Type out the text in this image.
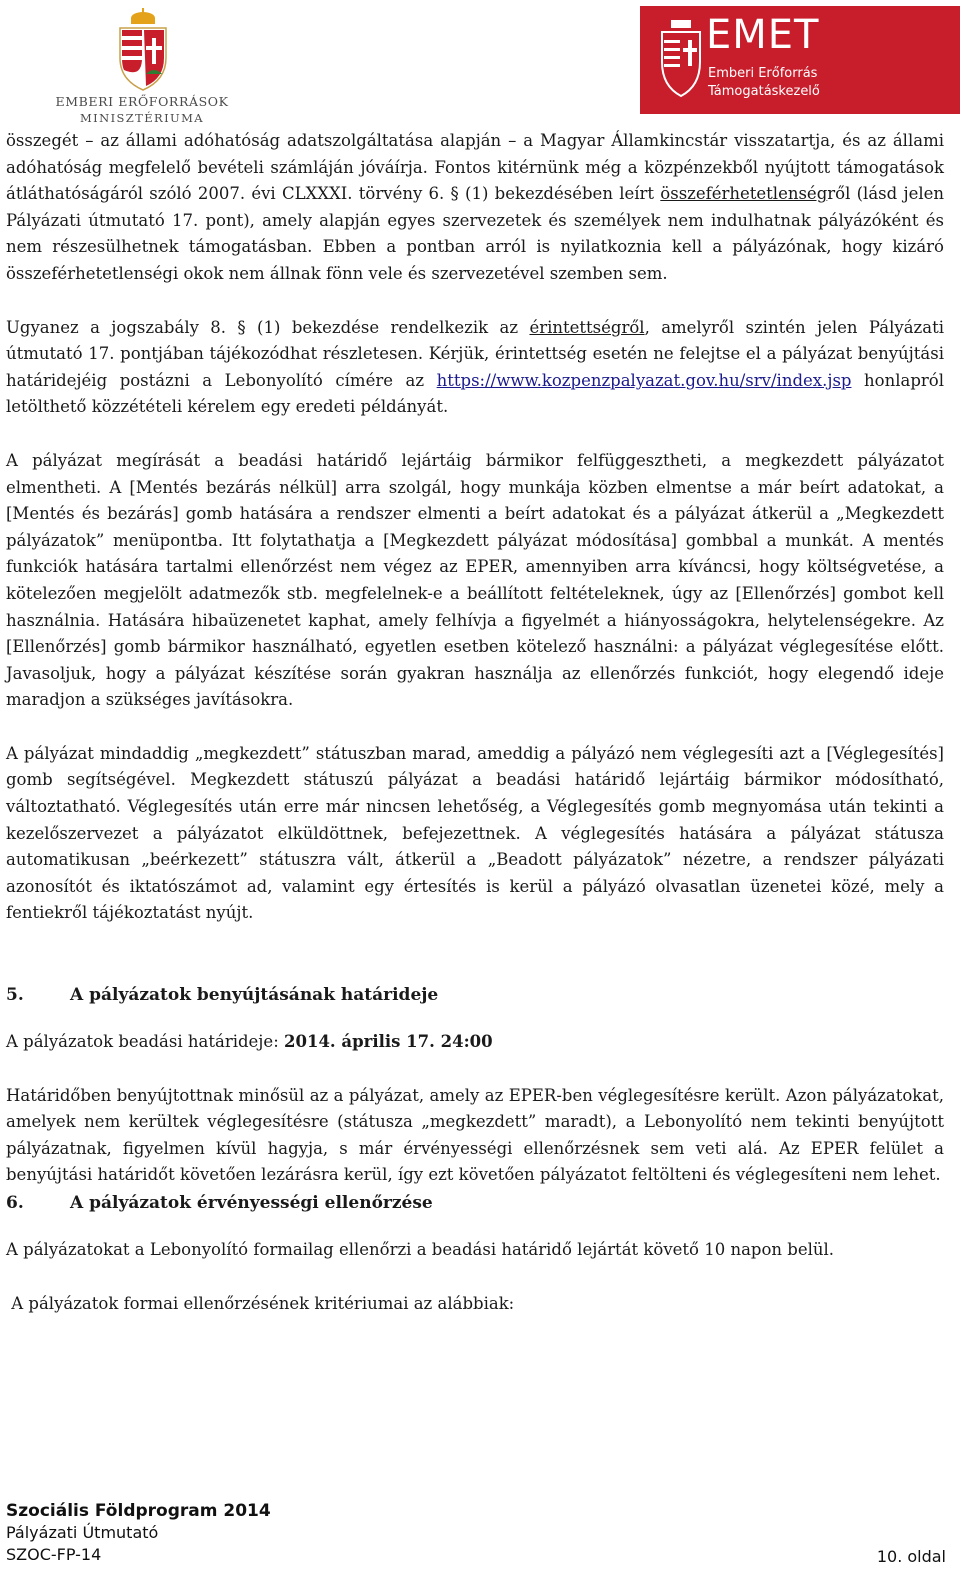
EMBERI ERŐFORRÁSOK
MINISZTÉRIUMA
EMET
Emberi Erőforrás
Támogatáskezelő

összegét – az állami adóhatóság adatszolgáltatása alapján – a Magyar Államkincstár visszatartja, és az állami adóhatóság megfelelő bevételi számláján jóváírja. Fontos kitérnünk még a közpénzekből nyújtott támogatások átláthatóságáról szóló 2007. évi CLXXXI. törvény 6. § (1) bekezdésében leírt összeférhetetlenségről (lásd jelen Pályázati útmutató 17. pont), amely alapján egyes szervezetek és személyek nem indulhatnak pályázóként és nem részesülhetnek támogatásban. Ebben a pontban arról is nyilatkoznia kell a pályázónak, hogy kizáró összeférhetetlenségi okok nem állnak fönn vele és szervezetével szemben sem.

Ugyanez a jogszabály 8. § (1) bekezdése rendelkezik az érintettségről, amelyről szintén jelen Pályázati útmutató 17. pontjában tájékozódhat részletesen. Kérjük, érintettség esetén ne felejtse el a pályázat benyújtási határidejéig postázni a Lebonyolító címére az https://www.kozpenzpalyazat.gov.hu/srv/index.jsp honlapról letölthető közzétételi kérelem egy eredeti példányát.

A pályázat megírását a beadási határidő lejártáig bármikor felfüggesztheti, a megkezdett pályázatot elmentheti. A [Mentés bezárás nélkül] arra szolgál, hogy munkája közben elmentse a már beírt adatokat, a [Mentés és bezárás] gomb hatására a rendszer elmenti a beírt adatokat és a pályázat átkerül a „Megkezdett pályázatok” menüpontba. Itt folytathatja a [Megkezdett pályázat módosítása] gombbal a munkát. A mentés funkciók hatására tartalmi ellenőrzést nem végez az EPER, amennyiben arra kíváncsi, hogy költségvetése, a kötelezően megjelölt adatmezők stb. megfelelnek-e a beállított feltételeknek, úgy az [Ellenőrzés] gombot kell használnia. Hatására hibaüzenetet kaphat, amely felhívja a figyelmét a hiányosságokra, helytelenségekre. Az [Ellenőrzés] gomb bármikor használható, egyetlen esetben kötelező használni: a pályázat véglegesítése előtt. Javasoljuk, hogy a pályázat készítése során gyakran használja az ellenőrzés funkciót, hogy elegendő ideje maradjon a szükséges javításokra.

A pályázat mindaddig „megkezdett” státuszban marad, ameddig a pályázó nem véglegesíti azt a [Véglegesítés] gomb segítségével. Megkezdett státuszú pályázat a beadási határidő lejártáig bármikor módosítható, változtatható. Véglegesítés után erre már nincsen lehetőség, a Véglegesítés gomb megnyomása után tekinti a kezelőszervezet a pályázatot elküldöttnek, befejezettnek. A véglegesítés hatására a pályázat státusza automatikusan „beérkezett” státuszra vált, átkerül a „Beadott pályázatok” nézetre, a rendszer pályázati azonosítót és iktatószámot ad, valamint egy értesítés is kerül a pályázó olvasatlan üzenetei közé, mely a fentiekről tájékoztatást nyújt.

5.	A pályázatok benyújtásának határideje

A pályázatok beadási határideje: 2014. április 17. 24:00

Határidőben benyújtottnak minősül az a pályázat, amely az EPER-ben véglegesítésre került. Azon pályázatokat, amelyek nem kerültek véglegesítésre (státusza „megkezdett” maradt), a Lebonyolító nem tekinti benyújtott pályázatnak, figyelmen kívül hagyja, s már érvényességi ellenőrzésnek sem veti alá. Az EPER felület a benyújtási határidőt követően lezárásra kerül, így ezt követően pályázatot feltölteni és véglegesíteni nem lehet.

6.	A pályázatok érvényességi ellenőrzése

A pályázatokat a Lebonyolító formailag ellenőrzi a beadási határidő lejártát követő 10 napon belül.

A pályázatok formai ellenőrzésének kritériumai az alábbiak:

Szociális Földprogram 2014
Pályázati Útmutató
SZOC-FP-14	10. oldal
